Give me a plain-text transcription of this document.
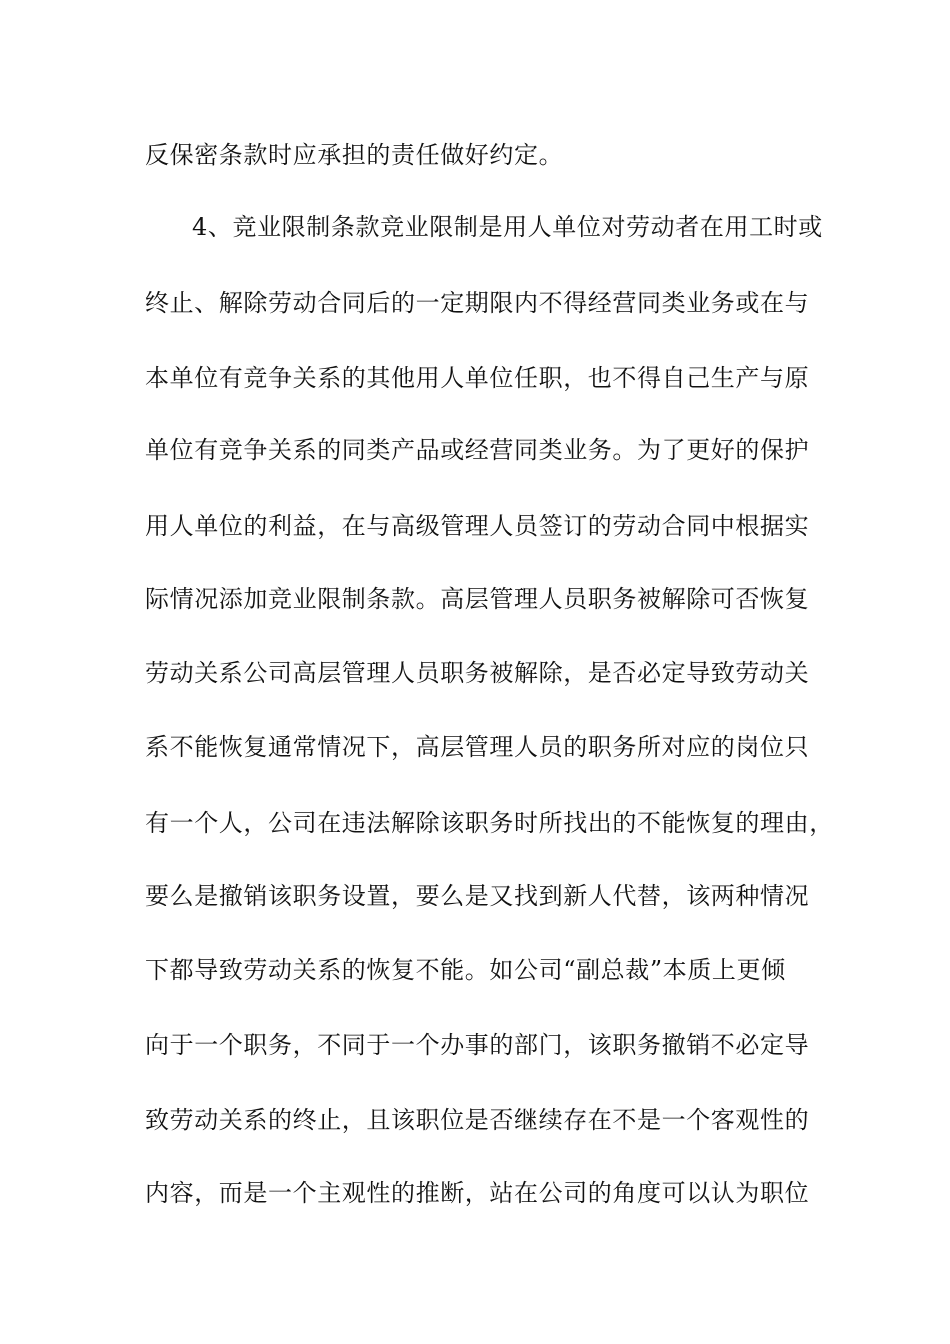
反保密条款时应承担的责任做好约定。
4、竞业限制条款竞业限制是用人单位对劳动者在用工时或
终止、解除劳动合同后的一定期限内不得经营同类业务或在与
本单位有竞争关系的其他用人单位任职，也不得自己生产与原
单位有竞争关系的同类产品或经营同类业务。为了更好的保护
用人单位的利益，在与高级管理人员签订的劳动合同中根据实
际情况添加竞业限制条款。高层管理人员职务被解除可否恢复
劳动关系公司高层管理人员职务被解除，是否必定导致劳动关
系不能恢复通常情况下，高层管理人员的职务所对应的岗位只
有一个人，公司在违法解除该职务时所找出的不能恢复的理由，
要么是撤销该职务设置，要么是又找到新人代替，该两种情况
下都导致劳动关系的恢复不能。如公司“副总裁”本质上更倾
向于一个职务，不同于一个办事的部门，该职务撤销不必定导
致劳动关系的终止，且该职位是否继续存在不是一个客观性的
内容，而是一个主观性的推断，站在公司的角度可以认为职位
